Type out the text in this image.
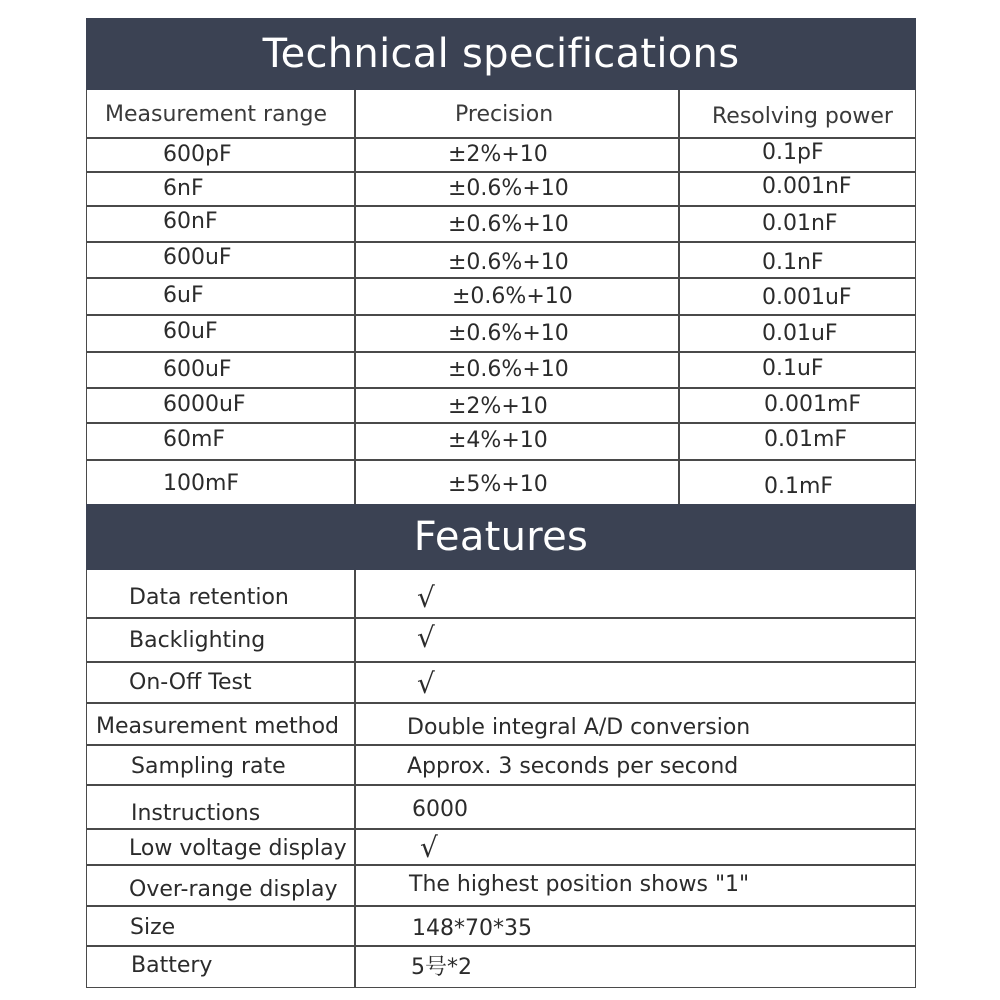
Technical specifications
Measurement range	Precision	Resolving power
600pF	±2%+10	0.1pF
6nF	±0.6%+10	0.001nF
60nF	±0.6%+10	0.01nF
600uF	±0.6%+10	0.1nF
6uF	±0.6%+10	0.001uF
60uF	±0.6%+10	0.01uF
600uF	±0.6%+10	0.1uF
6000uF	±2%+10	0.001mF
60mF	±4%+10	0.01mF
100mF	±5%+10	0.1mF
Features
Data retention	√
Backlighting	√
On-Off Test	√
Measurement method	Double integral A/D conversion
Sampling rate	Approx. 3 seconds per second
Instructions	6000
Low voltage display	√
Over-range display	The highest position shows "1"
Size	148*70*35
Battery	5号*2
